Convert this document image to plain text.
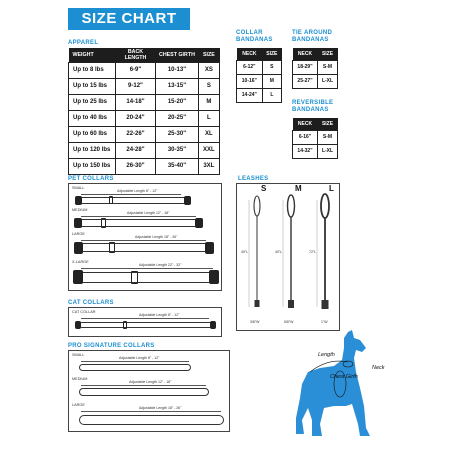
SIZE CHART
APPAREL
WEIGHT	BACK LENGTH	CHEST GIRTH	SIZE
Up to 8 lbs	6-9"	10-13"	XS
Up to 15 lbs	9-12"	13-15"	S
Up to 25 lbs	14-18"	15-20"	M
Up to 40 lbs	20-24"	20-25"	L
Up to 60 lbs	22-26"	25-30"	XL
Up to 120 lbs	24-28"	30-35"	XXL
Up to 150 lbs	26-30"	35-40"	3XL
COLLAR
BANDANAS
NECK	SIZE
6-12"	S
10-16"	M
14-24"	L
TIE AROUND
BANDANAS
NECK	SIZE
18-29"	S-M
25-27"	L-XL
REVERSIBLE
BANDANAS
NECK	SIZE
6-16"	S-M
14-32"	L-XL
PET COLLARS
SMALL
Adjustable Length 8" - 12"
MEDIUM
Adjustable Length 12" - 18"
LARGE
Adjustable Length 18" - 26"
X-LARGE
Adjustable Length 22" - 32"
CAT COLLARS
CAT COLLAR
Adjustable Length 8" - 12"
PRO SIGNATURE COLLARS
SMALL
Adjustable Length 8" - 12"
MEDIUM
Adjustable Length 12" - 18"
LARGE
Adjustable Length 18" - 26"
LEASHES
S	M	L
40"L	40"L	72"L
3/8"W	5/8"W	1"W
Length
Neck
Chest Girth
